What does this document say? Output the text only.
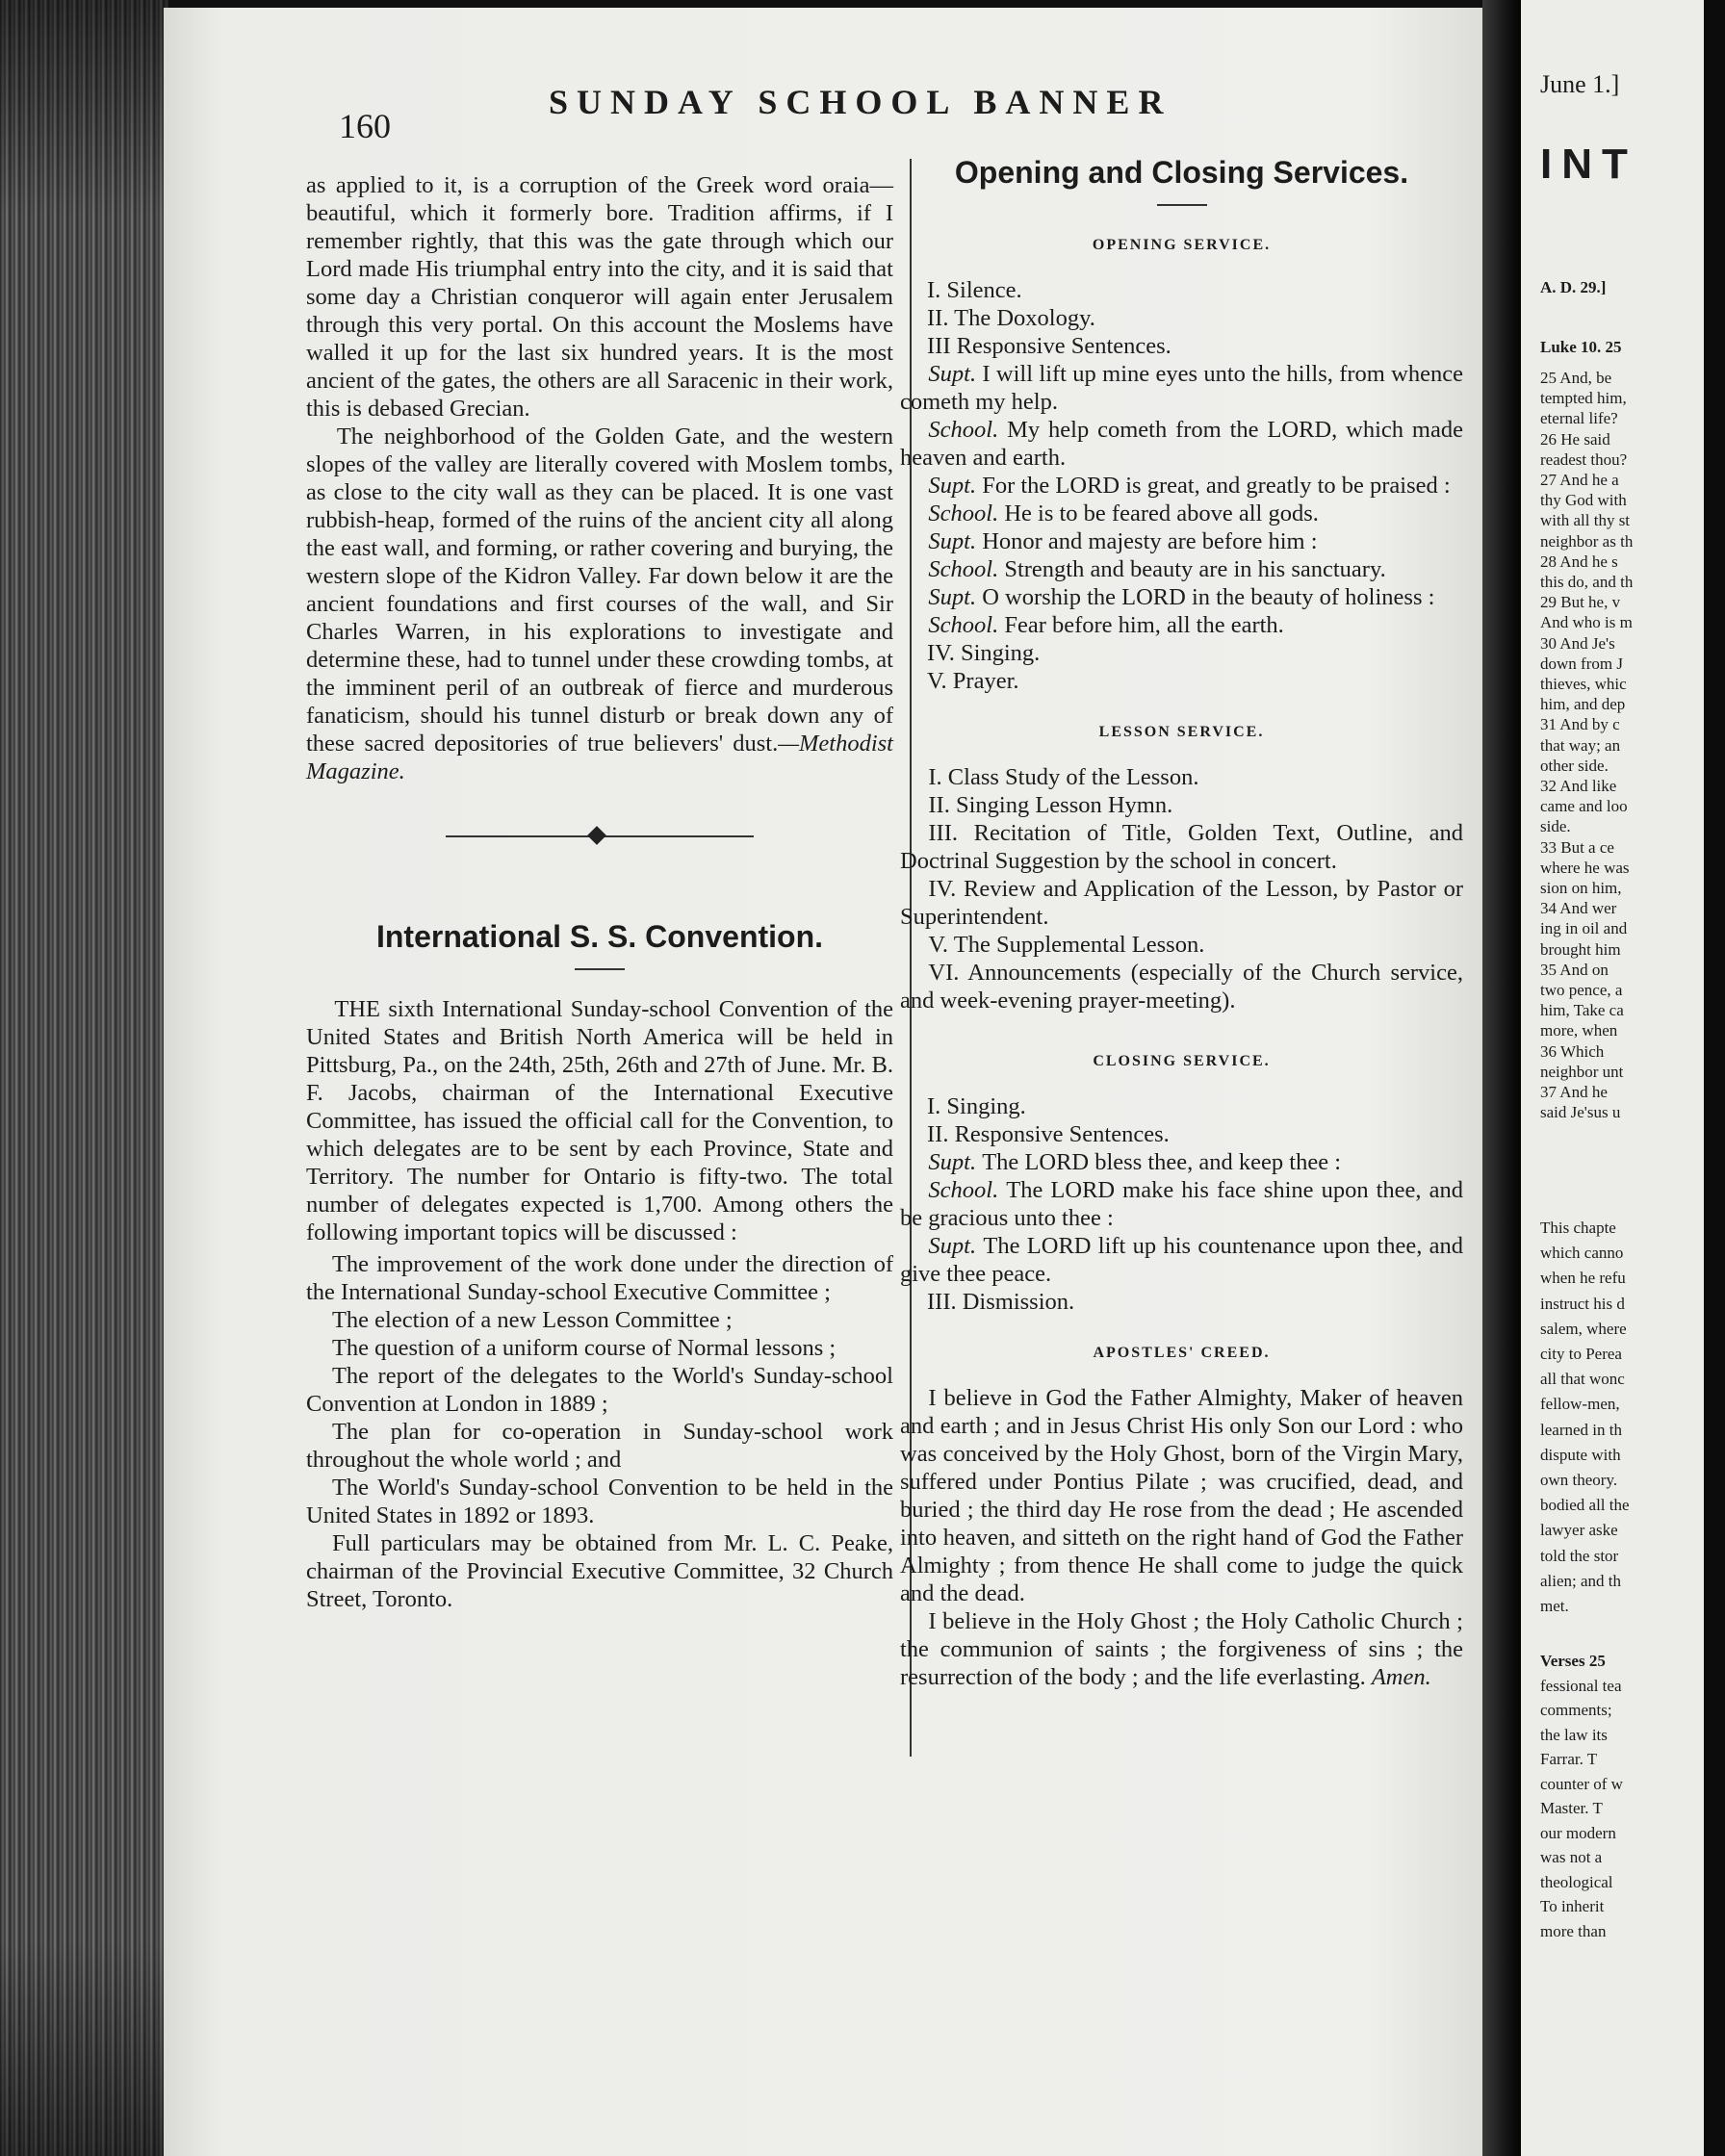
June 1.]
INT
A. D. 29.]
Luke 10. 25
25 And, be
tempted him,
eternal life?
26 He said
readest thou?
27 And he a
thy God with
with all thy st
neighbor as th
28 And he s
this do, and th
29 But he, v
And who is m
30 And Je's
down from J
thieves, whic
him, and dep
31 And by c
that way; an
other side.
32 And like
came and loo
side.
33 But a ce
where he was
sion on him,
34 And wer
ing in oil and
brought him
35 And on
two pence, a
him, Take ca
more, when
36 Which
neighbor unt
37 And he
said Je'sus u
This chapte
which canno
when he refu
instruct his d
salem, where
city to Perea
all that wonc
fellow-men,
learned in th
dispute with
own theory.
bodied all the
lawyer aske
told the stor
alien; and th
met.
Verses 25
fessional tea
comments;
the law its
Farrar. T
counter of w
Master. T
our modern
was not a
theological
To inherit
more than
160
SUNDAY SCHOOL BANNER

as applied to it, is a corruption of the Greek word oraia—beautiful, which it formerly bore. Tradition affirms, if I remember rightly, that this was the gate through which our Lord made His triumphal entry into the city, and it is said that some day a Christian conqueror will again enter Jerusalem through this very portal. On this account the Moslems have walled it up for the last six hundred years. It is the most ancient of the gates, the others are all Saracenic in their work, this is debased Grecian.

The neighborhood of the Golden Gate, and the western slopes of the valley are literally covered with Moslem tombs, as close to the city wall as they can be placed. It is one vast rubbish-heap, formed of the ruins of the ancient city all along the east wall, and forming, or rather covering and burying, the western slope of the Kidron Valley. Far down below it are the ancient foundations and first courses of the wall, and Sir Charles Warren, in his explorations to investigate and determine these, had to tunnel under these crowding tombs, at the imminent peril of an outbreak of fierce and murderous fanaticism, should his tunnel disturb or break down any of these sacred depositories of true believers' dust.—Methodist Magazine.

International S. S. Convention.

THE sixth International Sunday-school Convention of the United States and British North America will be held in Pittsburg, Pa., on the 24th, 25th, 26th and 27th of June. Mr. B. F. Jacobs, chairman of the International Executive Committee, has issued the official call for the Convention, to which delegates are to be sent by each Province, State and Territory. The number for Ontario is fifty-two. The total number of delegates expected is 1,700. Among others the following important topics will be discussed :

The improvement of the work done under the direction of the International Sunday-school Executive Committee ;

The election of a new Lesson Committee ;

The question of a uniform course of Normal lessons ;

The report of the delegates to the World's Sunday-school Convention at London in 1889 ;

The plan for co-operation in Sunday-school work throughout the whole world ; and

The World's Sunday-school Convention to be held in the United States in 1892 or 1893.

Full particulars may be obtained from Mr. L. C. Peake, chairman of the Provincial Executive Committee, 32 Church Street, Toronto.

Opening and Closing Services.
OPENING SERVICE.

I. Silence.

II. The Doxology.

III Responsive Sentences.

Supt. I will lift up mine eyes unto the hills, from whence cometh my help.

School. My help cometh from the LORD, which made heaven and earth.

Supt. For the LORD is great, and greatly to be praised :

School. He is to be feared above all gods.

Supt. Honor and majesty are before him :

School. Strength and beauty are in his sanctuary.

Supt. O worship the LORD in the beauty of holiness :

School. Fear before him, all the earth.

IV. Singing.

V. Prayer.

LESSON SERVICE.

I. Class Study of the Lesson.

II. Singing Lesson Hymn.

III. Recitation of Title, Golden Text, Outline, and Doctrinal Suggestion by the school in concert.

IV. Review and Application of the Lesson, by Pastor or Superintendent.

V. The Supplemental Lesson.

VI. Announcements (especially of the Church service, and week-evening prayer-meeting).

CLOSING SERVICE.

I. Singing.

II. Responsive Sentences.

Supt. The LORD bless thee, and keep thee :

School. The LORD make his face shine upon thee, and be gracious unto thee :

Supt. The LORD lift up his countenance upon thee, and give thee peace.

III. Dismission.

APOSTLES' CREED.

I believe in God the Father Almighty, Maker of heaven and earth ; and in Jesus Christ His only Son our Lord : who was conceived by the Holy Ghost, born of the Virgin Mary, suffered under Pontius Pilate ; was crucified, dead, and buried ; the third day He rose from the dead ; He ascended into heaven, and sitteth on the right hand of God the Father Almighty ; from thence He shall come to judge the quick and the dead.

I believe in the Holy Ghost ; the Holy Catholic Church ; the communion of saints ; the forgiveness of sins ; the resurrection of the body ; and the life everlasting. Amen.
